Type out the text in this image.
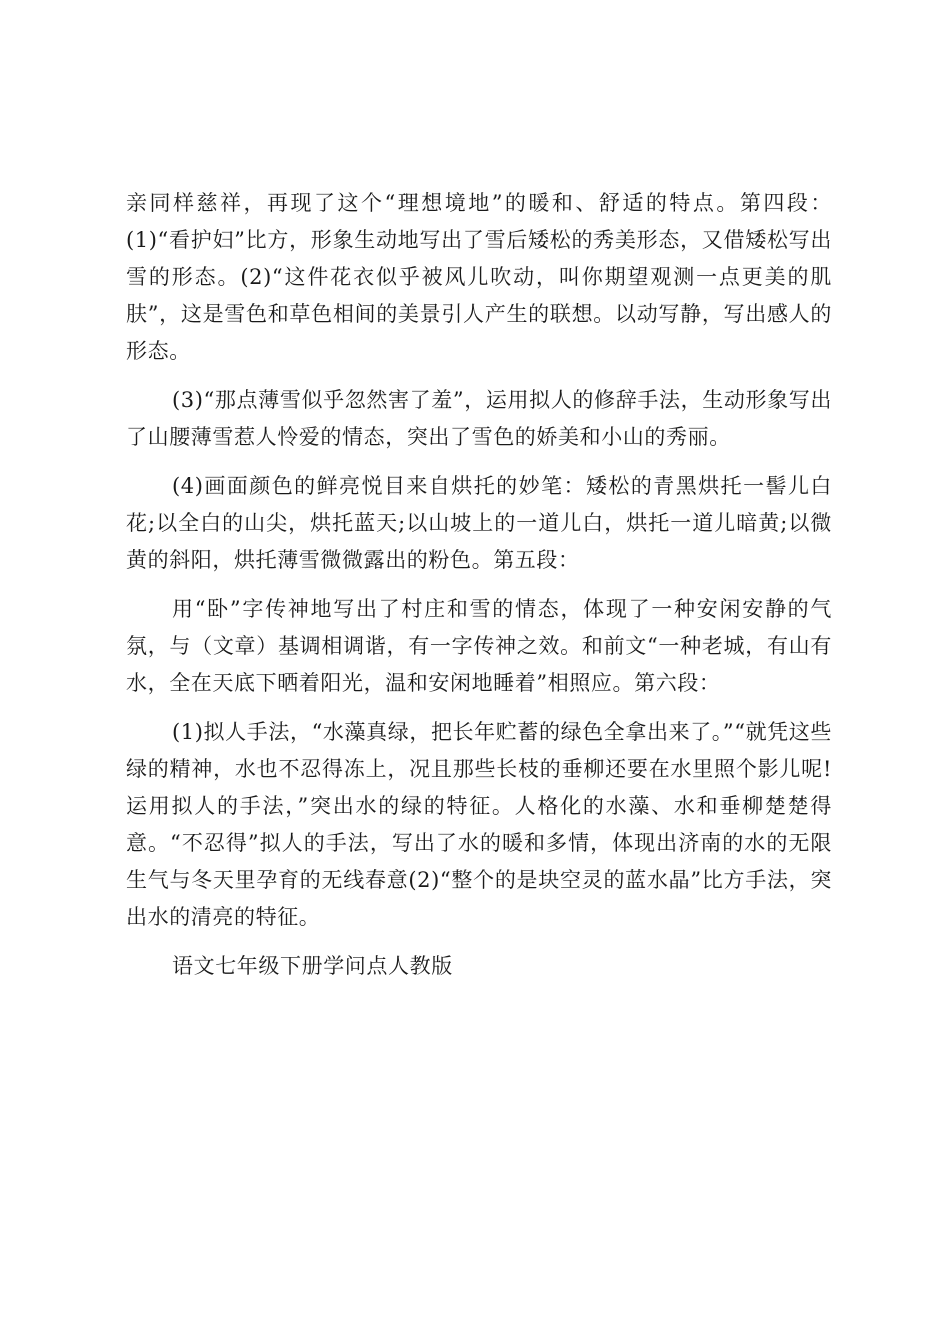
亲同样慈祥，再现了这个“理想境地”的暖和、舒适的特点。第四段：(1)“看护妇”比方，形象生动地写出了雪后矮松的秀美形态，又借矮松写出雪的形态。(2)“这件花衣似乎被风儿吹动，叫你期望观测一点更美的肌肤”，这是雪色和草色相间的美景引人产生的联想。以动写静，写出感人的形态。

(3)“那点薄雪似乎忽然害了羞”，运用拟人的修辞手法，生动形象写出了山腰薄雪惹人怜爱的情态，突出了雪色的娇美和小山的秀丽。

(4)画面颜色的鲜亮悦目来自烘托的妙笔：矮松的青黑烘托一髻儿白花;以全白的山尖，烘托蓝天;以山坡上的一道儿白，烘托一道儿暗黄;以微黄的斜阳，烘托薄雪微微露出的粉色。第五段：

用“卧”字传神地写出了村庄和雪的情态，体现了一种安闲安静的气氛，与（文章）基调相调谐，有一字传神之效。和前文“一种老城，有山有水，全在天底下晒着阳光，温和安闲地睡着”相照应。第六段：

(1)拟人手法，“水藻真绿，把长年贮蓄的绿色全拿出来了。”“就凭这些绿的精神，水也不忍得冻上，况且那些长枝的垂柳还要在水里照个影儿呢!运用拟人的手法，”突出水的绿的特征。人格化的水藻、水和垂柳楚楚得意。“不忍得”拟人的手法，写出了水的暖和多情，体现出济南的水的无限生气与冬天里孕育的无线春意(2)“整个的是块空灵的蓝水晶”比方手法，突出水的清亮的特征。

语文七年级下册学问点人教版
